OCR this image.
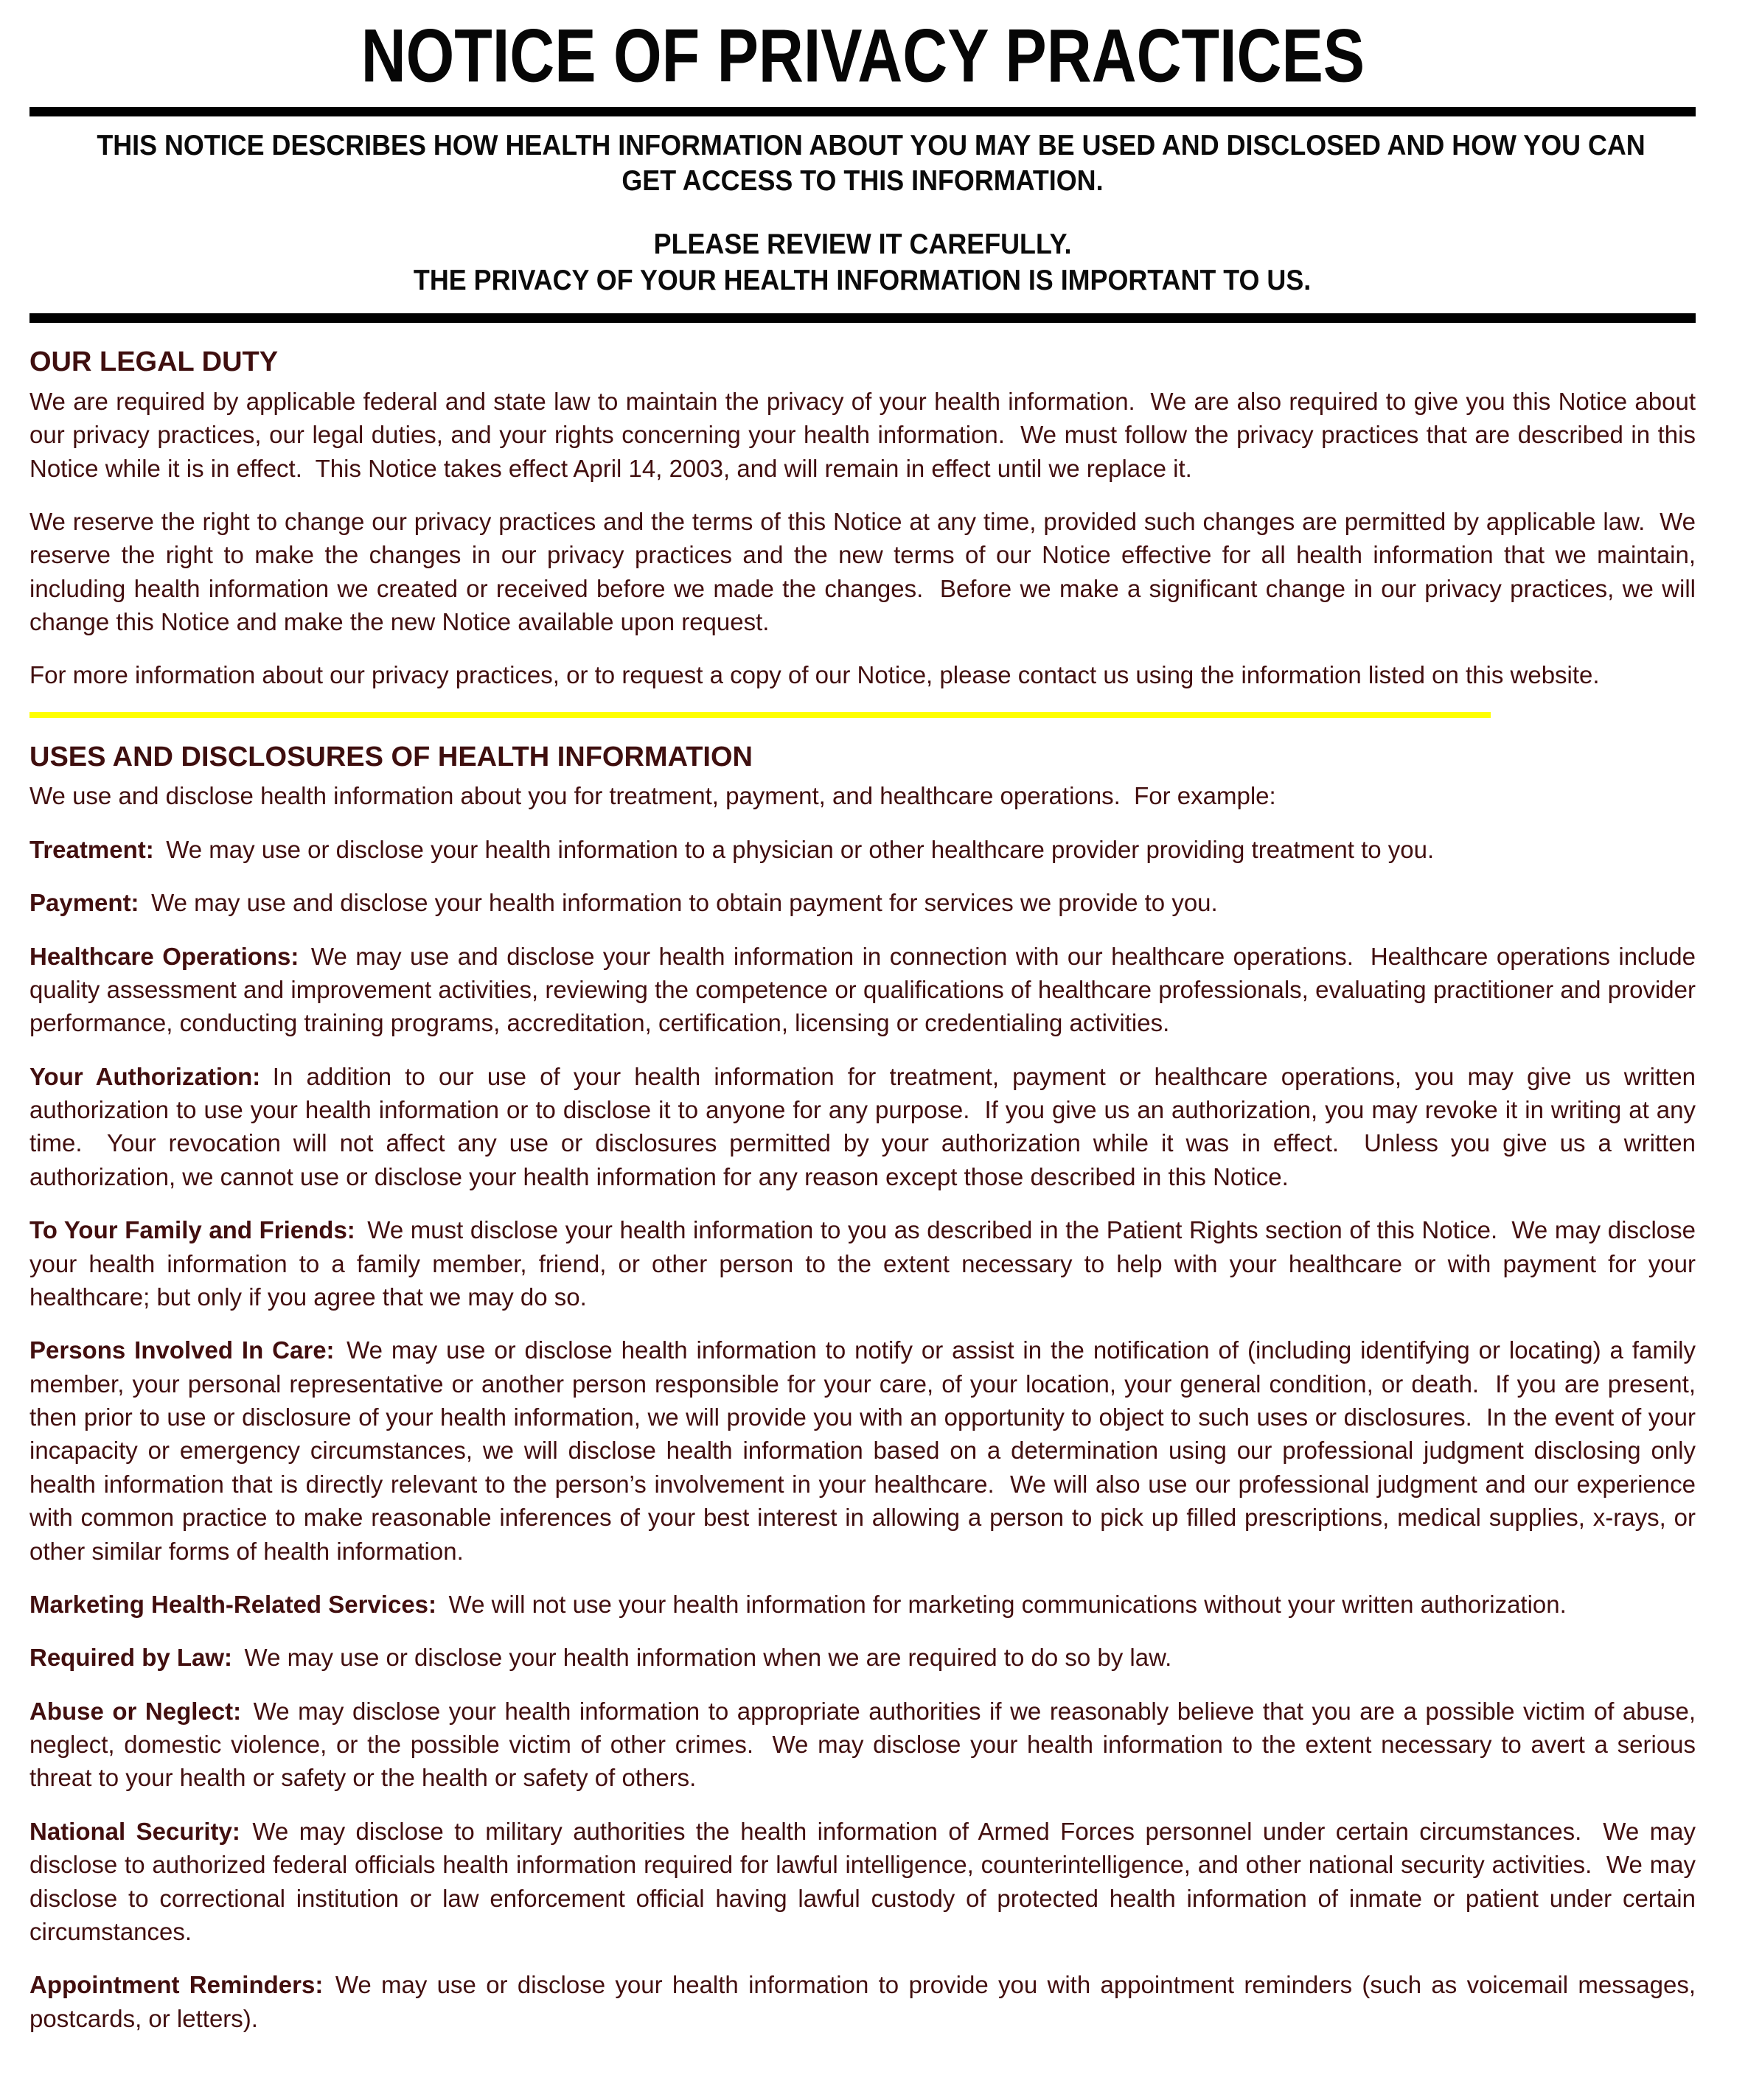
NOTICE OF PRIVACY PRACTICES
THIS NOTICE DESCRIBES HOW HEALTH INFORMATION ABOUT YOU MAY BE USED AND DISCLOSED AND HOW YOU CAN
GET ACCESS TO THIS INFORMATION.
PLEASE REVIEW IT CAREFULLY.
THE PRIVACY OF YOUR HEALTH INFORMATION IS IMPORTANT TO US.
OUR LEGAL DUTY

We are required by applicable federal and state law to maintain the privacy of your health information.  We are also required to give you this Notice about our privacy practices, our legal duties, and your rights concerning your health information.  We must follow the privacy practices that are described in this Notice while it is in effect.  This Notice takes effect April 14, 2003, and will remain in effect until we replace it.

We reserve the right to change our privacy practices and the terms of this Notice at any time, provided such changes are permitted by applicable law.  We reserve the right to make the changes in our privacy practices and the new terms of our Notice effective for all health information that we maintain, including health information we created or received before we made the changes.  Before we make a significant change in our privacy practices, we will change this Notice and make the new Notice available upon request.

For more information about our privacy practices, or to request a copy of our Notice, please contact us using the information listed on this website.

USES AND DISCLOSURES OF HEALTH INFORMATION

We use and disclose health information about you for treatment, payment, and healthcare operations.  For example:

Treatment: We may use or disclose your health information to a physician or other healthcare provider providing treatment to you.

Payment: We may use and disclose your health information to obtain payment for services we provide to you.

Healthcare Operations: We may use and disclose your health information in connection with our healthcare operations.  Healthcare operations include quality assessment and improvement activities, reviewing the competence or qualifications of healthcare professionals, evaluating practitioner and provider performance, conducting training programs, accreditation, certification, licensing or credentialing activities.

Your Authorization: In addition to our use of your health information for treatment, payment or healthcare operations, you may give us written authorization to use your health information or to disclose it to anyone for any purpose.  If you give us an authorization, you may revoke it in writing at any time.  Your revocation will not affect any use or disclosures permitted by your authorization while it was in effect.  Unless you give us a written authorization, we cannot use or disclose your health information for any reason except those described in this Notice.

To Your Family and Friends: We must disclose your health information to you as described in the Patient Rights section of this Notice.  We may disclose your health information to a family member, friend, or other person to the extent necessary to help with your healthcare or with payment for your healthcare; but only if you agree that we may do so.

Persons Involved In Care: We may use or disclose health information to notify or assist in the notification of (including identifying or locating) a family member, your personal representative or another person responsible for your care, of your location, your general condition, or death.  If you are present, then prior to use or disclosure of your health information, we will provide you with an opportunity to object to such uses or disclosures.  In the event of your incapacity or emergency circumstances, we will disclose health information based on a determination using our professional judgment disclosing only health information that is directly relevant to the person’s involvement in your healthcare.  We will also use our professional judgment and our experience with common practice to make reasonable inferences of your best interest in allowing a person to pick up filled prescriptions, medical supplies, x-rays, or other similar forms of health information.

Marketing Health-Related Services: We will not use your health information for marketing communications without your written authorization.

Required by Law: We may use or disclose your health information when we are required to do so by law.

Abuse or Neglect: We may disclose your health information to appropriate authorities if we reasonably believe that you are a possible victim of abuse, neglect, domestic violence, or the possible victim of other crimes.  We may disclose your health information to the extent necessary to avert a serious threat to your health or safety or the health or safety of others.

National Security: We may disclose to military authorities the health information of Armed Forces personnel under certain circumstances.  We may disclose to authorized federal officials health information required for lawful intelligence, counterintelligence, and other national security activities.  We may disclose to correctional institution or law enforcement official having lawful custody of protected health information of inmate or patient under certain circumstances.

Appointment Reminders: We may use or disclose your health information to provide you with appointment reminders (such as voicemail messages, postcards, or letters).
